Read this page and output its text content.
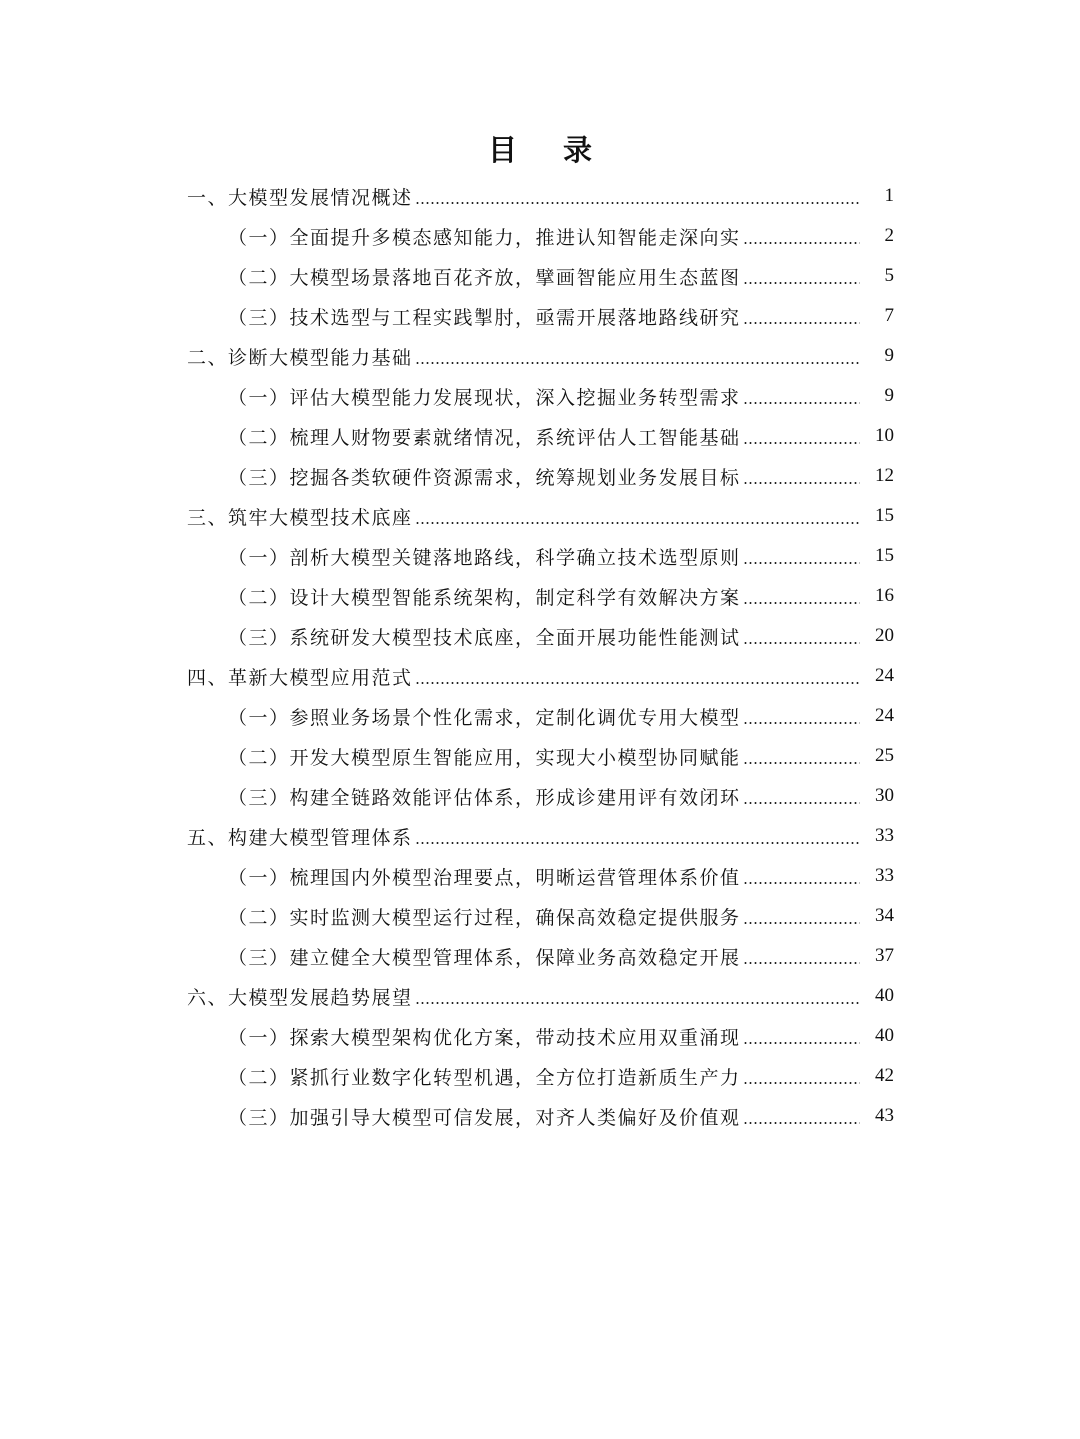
目 录
一、大模型发展情况概述	1
（一）全面提升多模态感知能力，推进认知智能走深向实	2
（二）大模型场景落地百花齐放，擘画智能应用生态蓝图	5
（三）技术选型与工程实践掣肘，亟需开展落地路线研究	7
二、诊断大模型能力基础	9
（一）评估大模型能力发展现状，深入挖掘业务转型需求	9
（二）梳理人财物要素就绪情况，系统评估人工智能基础	10
（三）挖掘各类软硬件资源需求，统筹规划业务发展目标	12
三、筑牢大模型技术底座	15
（一）剖析大模型关键落地路线，科学确立技术选型原则	15
（二）设计大模型智能系统架构，制定科学有效解决方案	16
（三）系统研发大模型技术底座，全面开展功能性能测试	20
四、革新大模型应用范式	24
（一）参照业务场景个性化需求，定制化调优专用大模型	24
（二）开发大模型原生智能应用，实现大小模型协同赋能	25
（三）构建全链路效能评估体系，形成诊建用评有效闭环	30
五、构建大模型管理体系	33
（一）梳理国内外模型治理要点，明晰运营管理体系价值	33
（二）实时监测大模型运行过程，确保高效稳定提供服务	34
（三）建立健全大模型管理体系，保障业务高效稳定开展	37
六、大模型发展趋势展望	40
（一）探索大模型架构优化方案，带动技术应用双重涌现	40
（二）紧抓行业数字化转型机遇，全方位打造新质生产力	42
（三）加强引导大模型可信发展，对齐人类偏好及价值观	43
